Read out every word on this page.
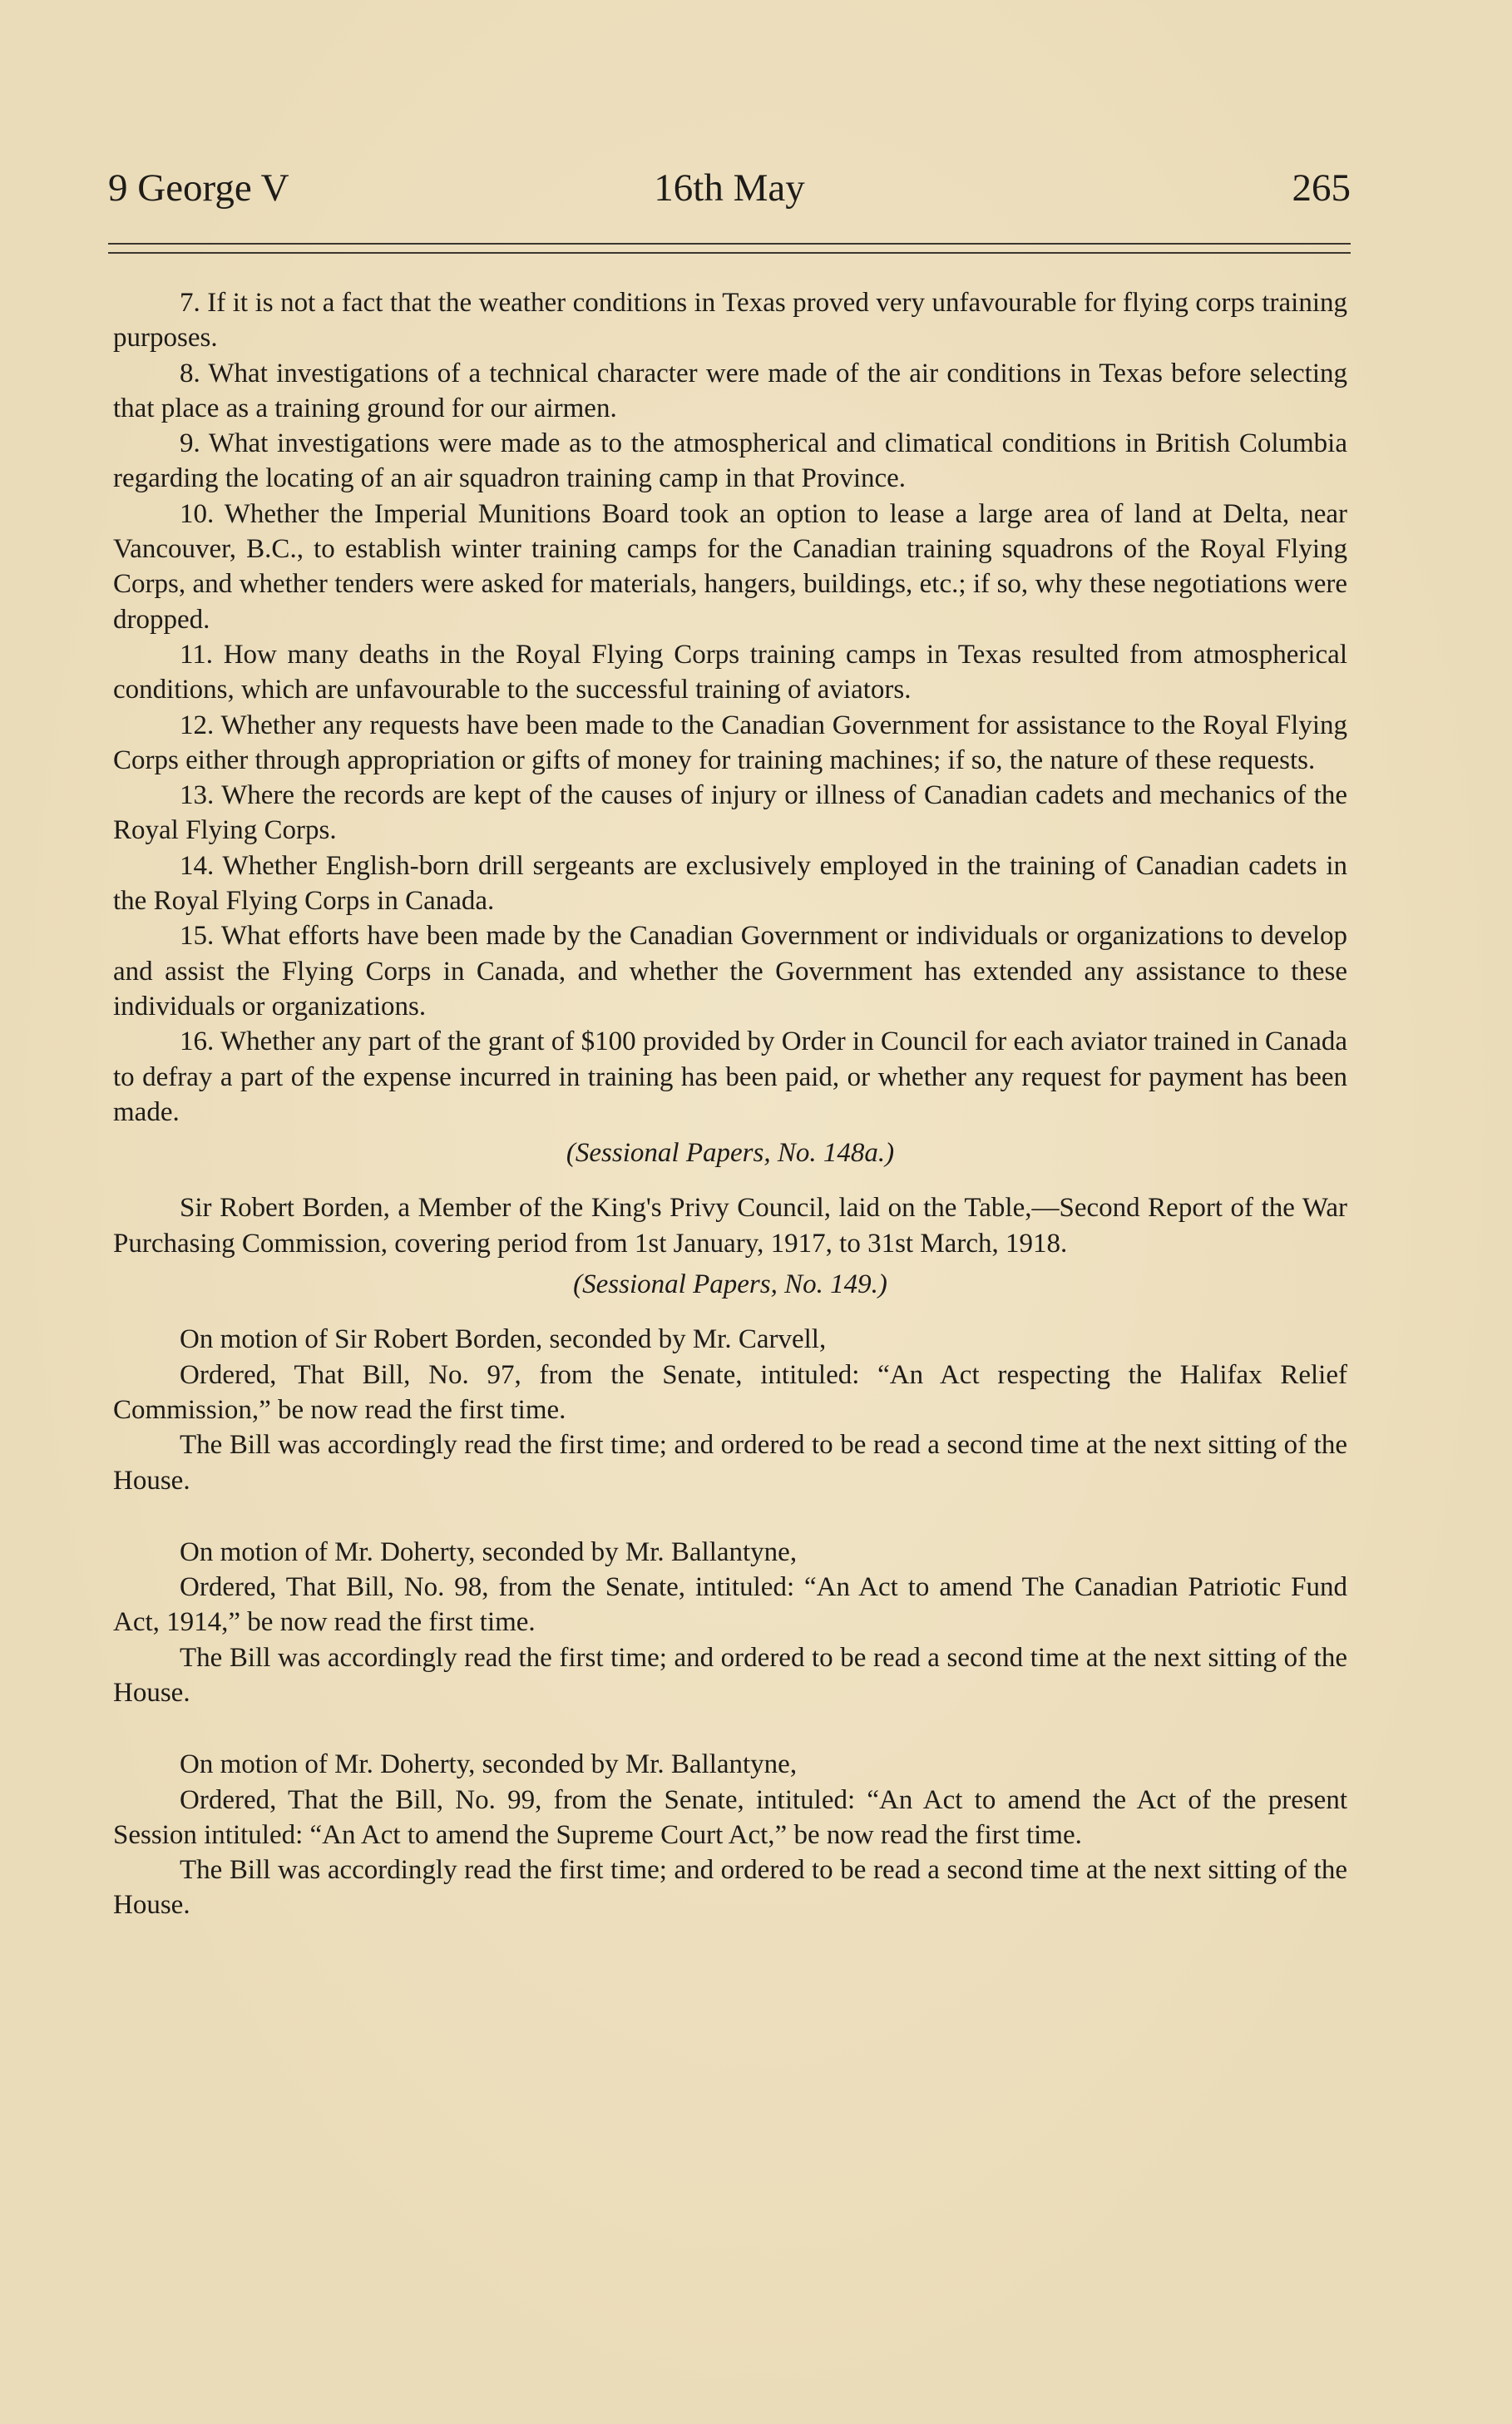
9 George V	16th May	265

7. If it is not a fact that the weather conditions in Texas proved very unfavourable for flying corps training purposes.

8. What investigations of a technical character were made of the air conditions in Texas before selecting that place as a training ground for our airmen.

9. What investigations were made as to the atmospherical and climatical conditions in British Columbia regarding the locating of an air squadron training camp in that Province.

10. Whether the Imperial Munitions Board took an option to lease a large area of land at Delta, near Vancouver, B.C., to establish winter training camps for the Canadian training squadrons of the Royal Flying Corps, and whether tenders were asked for materials, hangers, buildings, etc.; if so, why these negotiations were dropped.

11. How many deaths in the Royal Flying Corps training camps in Texas resulted from atmospherical conditions, which are unfavourable to the successful training of aviators.

12. Whether any requests have been made to the Canadian Government for assistance to the Royal Flying Corps either through appropriation or gifts of money for training machines; if so, the nature of these requests.

13. Where the records are kept of the causes of injury or illness of Canadian cadets and mechanics of the Royal Flying Corps.

14. Whether English-born drill sergeants are exclusively employed in the training of Canadian cadets in the Royal Flying Corps in Canada.

15. What efforts have been made by the Canadian Government or individuals or organizations to develop and assist the Flying Corps in Canada, and whether the Government has extended any assistance to these individuals or organizations.

16. Whether any part of the grant of $100 provided by Order in Council for each aviator trained in Canada to defray a part of the expense incurred in training has been paid, or whether any request for payment has been made.

(Sessional Papers, No. 148a.)

Sir Robert Borden, a Member of the King's Privy Council, laid on the Table,—Second Report of the War Purchasing Commission, covering period from 1st January, 1917, to 31st March, 1918.

(Sessional Papers, No. 149.)

On motion of Sir Robert Borden, seconded by Mr. Carvell,

Ordered, That Bill, No. 97, from the Senate, intituled: “An Act respecting the Halifax Relief Commission,” be now read the first time.

The Bill was accordingly read the first time; and ordered to be read a second time at the next sitting of the House.

On motion of Mr. Doherty, seconded by Mr. Ballantyne,

Ordered, That Bill, No. 98, from the Senate, intituled: “An Act to amend The Canadian Patriotic Fund Act, 1914,” be now read the first time.

The Bill was accordingly read the first time; and ordered to be read a second time at the next sitting of the House.

On motion of Mr. Doherty, seconded by Mr. Ballantyne,

Ordered, That the Bill, No. 99, from the Senate, intituled: “An Act to amend the Act of the present Session intituled: “An Act to amend the Supreme Court Act,” be now read the first time.

The Bill was accordingly read the first time; and ordered to be read a second time at the next sitting of the House.
